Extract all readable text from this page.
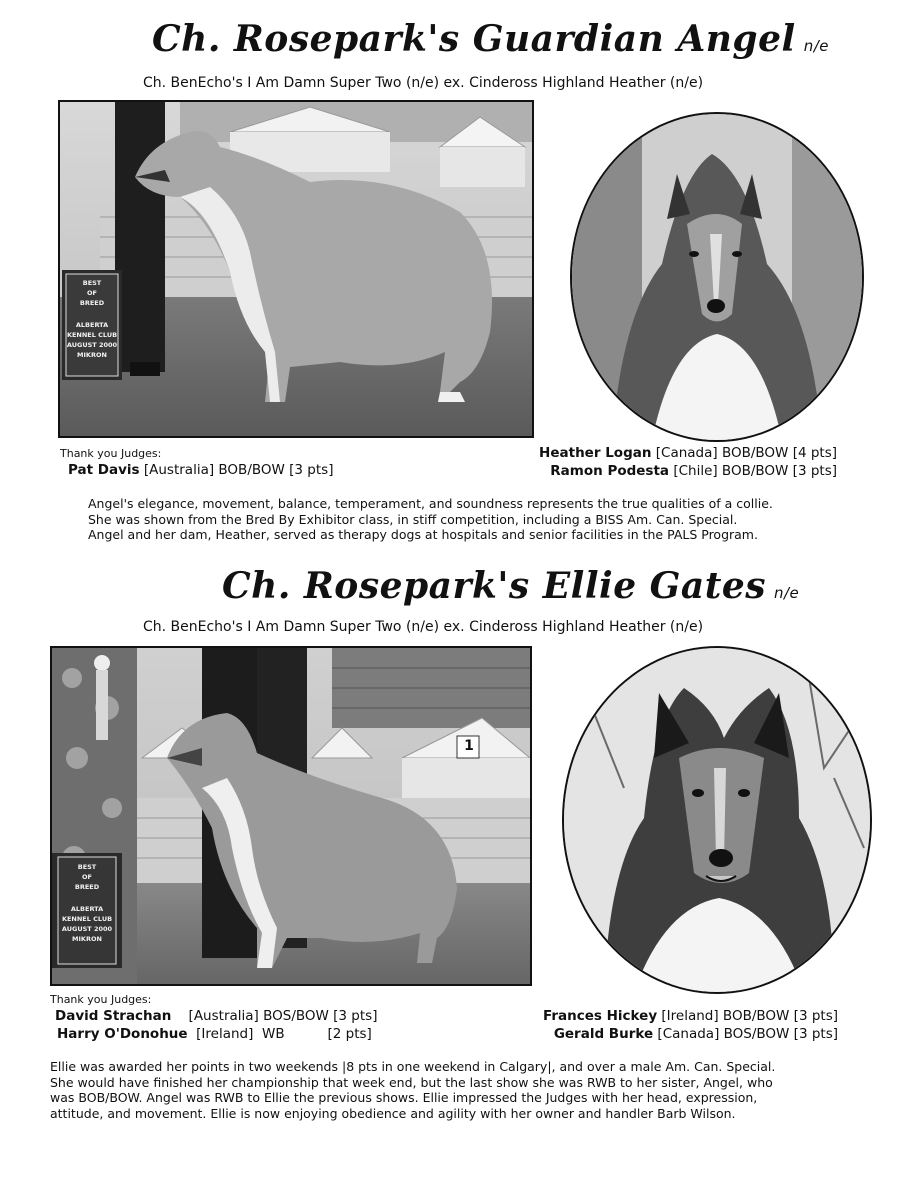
Ch. Rosepark's Guardian Angel n/e
Ch. BenEcho's I Am Damn Super Two (n/e) ex. Cindeross Highland Heather (n/e)
BEST
OF
BREED
ALBERTA
KENNEL CLUB
AUGUST 2000
MIKRON
Thank you Judges:
Pat Davis [Australia] BOB/BOW [3 pts]
Heather Logan [Canada] BOB/BOW [4 pts]
Ramon Podesta [Chile] BOB/BOW [3 pts]
Angel's elegance, movement, balance, temperament, and soundness represents the true qualities of a collie.
She was shown from the Bred By Exhibitor class, in stiff competition, including a BISS Am. Can. Special.
Angel and her dam, Heather, served as therapy dogs at hospitals and senior facilities in the PALS Program.
Ch. Rosepark's Ellie Gates n/e
Ch. BenEcho's I Am Damn Super Two (n/e) ex. Cindeross Highland Heather (n/e)
BEST
OF
BREED
ALBERTA
KENNEL CLUB
AUGUST 2000
MIKRON
1
Thank you Judges:
David Strachan    [Australia] BOS/BOW [3 pts]
Harry O'Donohue  [Ireland]  WB          [2 pts]
Frances Hickey [Ireland] BOB/BOW [3 pts]
Gerald Burke [Canada] BOS/BOW [3 pts]
Ellie was awarded her points in two weekends |8 pts in one weekend in Calgary|, and over a male Am. Can. Special.
She would have finished her championship that week end, but the last show she was RWB to her sister, Angel, who
was BOB/BOW. Angel was RWB to Ellie the previous shows. Ellie impressed the Judges with her head, expression,
attitude, and movement. Ellie is now enjoying obedience and agility with her owner and handler Barb Wilson.
